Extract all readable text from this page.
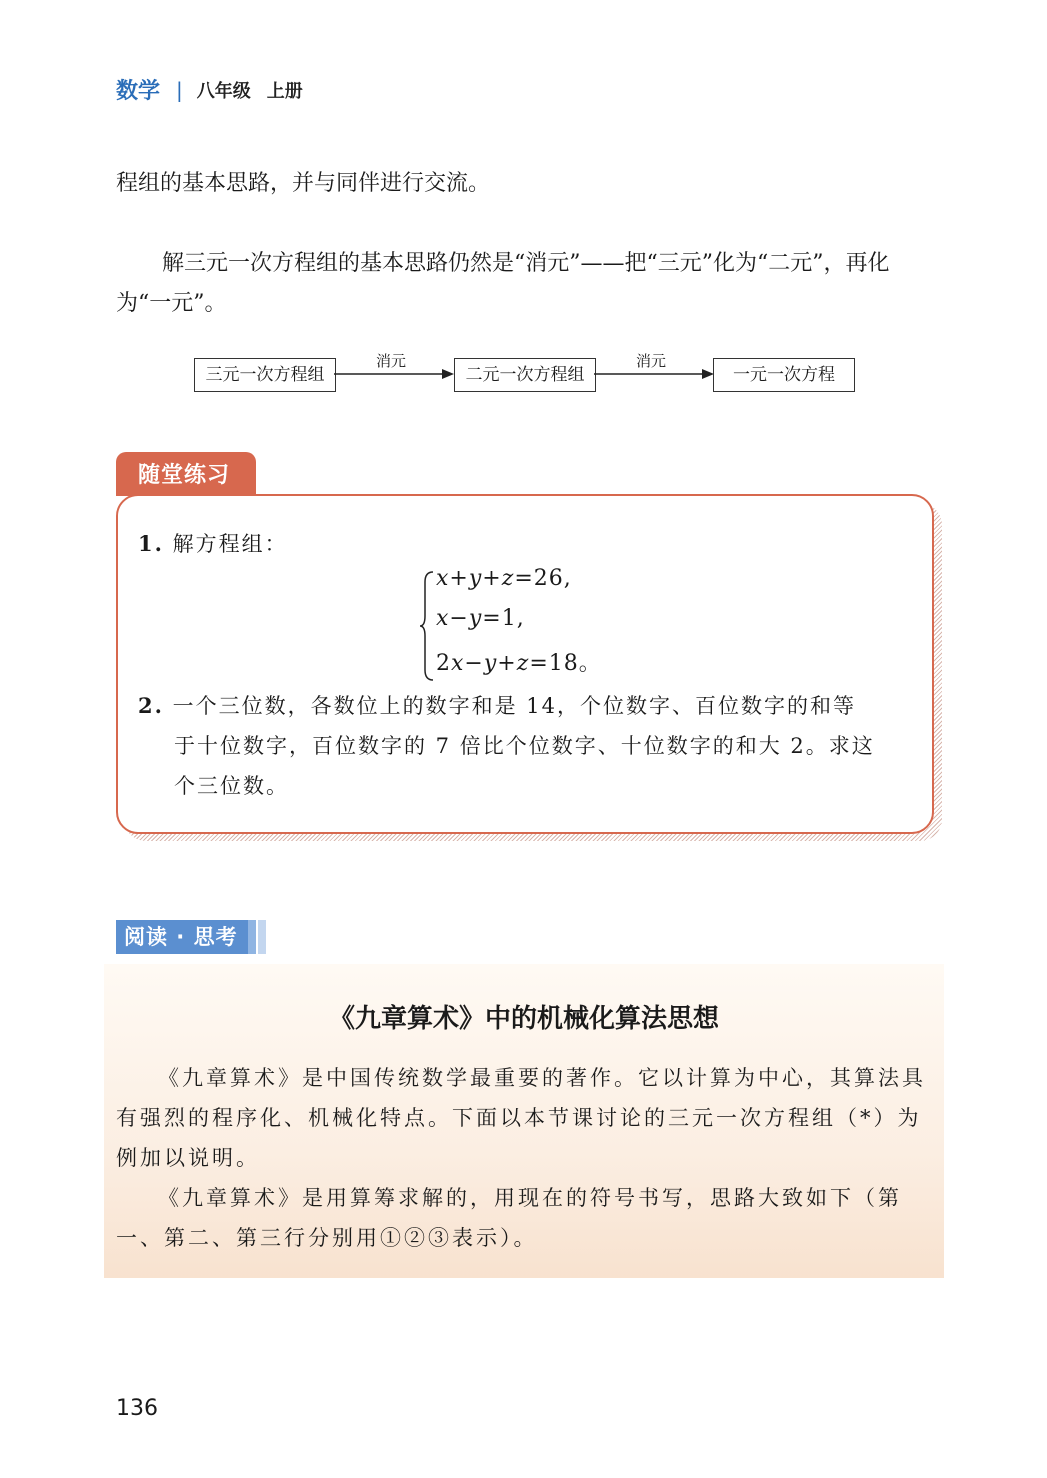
数学 | 八年级 上册
程组的基本思路，并与同伴进行交流。
解三元一次方程组的基本思路仍然是“消元”——把“三元”化为“二元”，再化为“一元”。
三元一次方程组
消元
二元一次方程组
消元
一元一次方程
随堂练习
1. 解方程组：
x+y+z=26,
x−y=1,
2x−y+z=18。
2. 一个三位数，各数位上的数字和是 14，个位数字、百位数字的和等
于十位数字，百位数字的 7 倍比个位数字、十位数字的和大 2。求这
个三位数。
阅读 · 思考
《九章算术》中的机械化算法思想
《九章算术》是中国传统数学最重要的著作。它以计算为中心，其算法具有强烈的程序化、机械化特点。下面以本节课讨论的三元一次方程组（*）为例加以说明。
《九章算术》是用算筹求解的，用现在的符号书写，思路大致如下（第一、第二、第三行分别用①②③表示）。
136
